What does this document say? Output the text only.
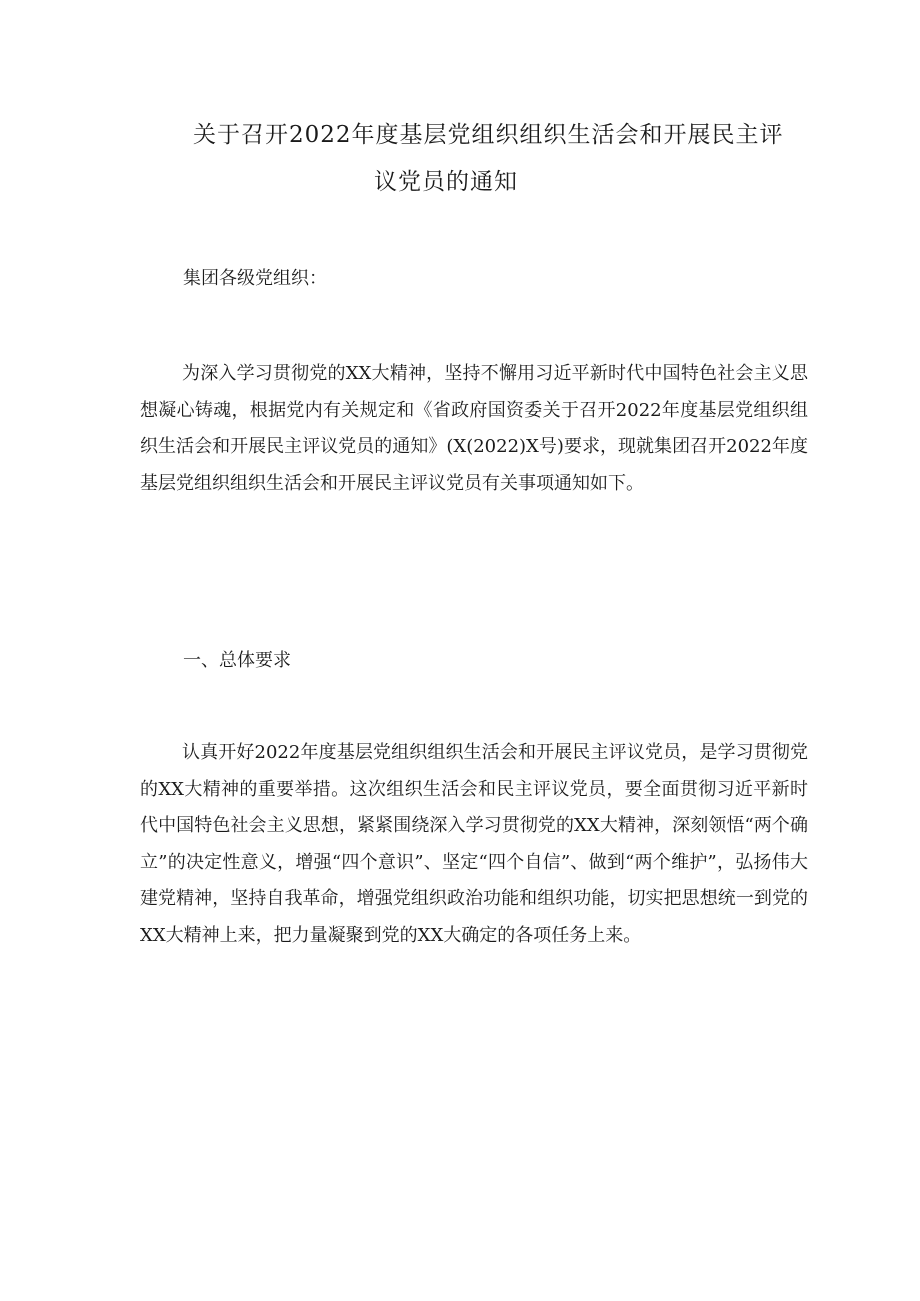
关于召开2022年度基层党组织组织生活会和开展民主评
议党员的通知
集团各级党组织：

为深入学习贯彻党的XX大精神，坚持不懈用习近平新时代中国特色社会主义思想凝心铸魂，根据党内有关规定和《省政府国资委关于召开2022年度基层党组织组织生活会和开展民主评议党员的通知》(X(2022)X号)要求，现就集团召开2022年度基层党组织组织生活会和开展民主评议党员有关事项通知如下。

一、总体要求

认真开好2022年度基层党组织组织生活会和开展民主评议党员，是学习贯彻党的XX大精神的重要举措。这次组织生活会和民主评议党员，要全面贯彻习近平新时代中国特色社会主义思想，紧紧围绕深入学习贯彻党的XX大精神，深刻领悟“两个确立”的决定性意义，增强“四个意识”、坚定“四个自信”、做到“两个维护”，弘扬伟大建党精神，坚持自我革命，增强党组织政治功能和组织功能，切实把思想统一到党的XX大精神上来，把力量凝聚到党的XX大确定的各项任务上来。
